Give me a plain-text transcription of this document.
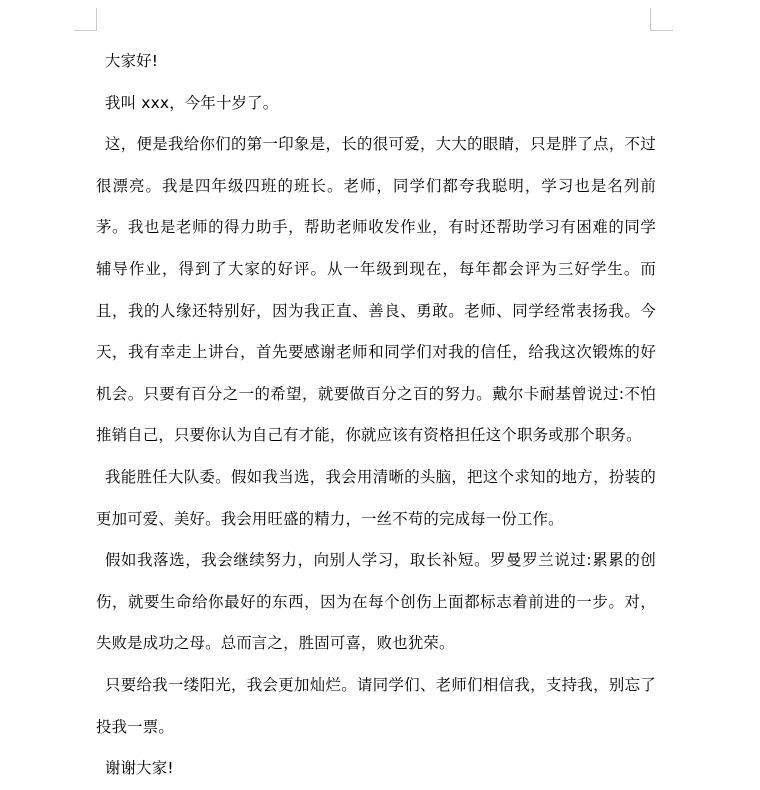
大家好!

我叫 xxx，今年十岁了。

这，便是我给你们的第一印象是，长的很可爱，大大的眼睛，只是胖了点，不过很漂亮。我是四年级四班的班长。老师，同学们都夸我聪明，学习也是名列前茅。我也是老师的得力助手，帮助老师收发作业，有时还帮助学习有困难的同学辅导作业，得到了大家的好评。从一年级到现在，每年都会评为三好学生。而且，我的人缘还特别好，因为我正直、善良、勇敢。老师、同学经常表扬我。今天，我有幸走上讲台，首先要感谢老师和同学们对我的信任，给我这次锻炼的好机会。只要有百分之一的希望，就要做百分之百的努力。戴尔卡耐基曾说过:不怕推销自己，只要你认为自己有才能，你就应该有资格担任这个职务或那个职务。

我能胜任大队委。假如我当选，我会用清晰的头脑，把这个求知的地方，扮装的更加可爱、美好。我会用旺盛的精力，一丝不苟的完成每一份工作。

假如我落选，我会继续努力，向别人学习，取长补短。罗曼罗兰说过:累累的创伤，就要生命给你最好的东西，因为在每个创伤上面都标志着前进的一步。对，失败是成功之母。总而言之，胜固可喜，败也犹荣。

只要给我一缕阳光，我会更加灿烂。请同学们、老师们相信我，支持我，别忘了投我一票。

谢谢大家!
